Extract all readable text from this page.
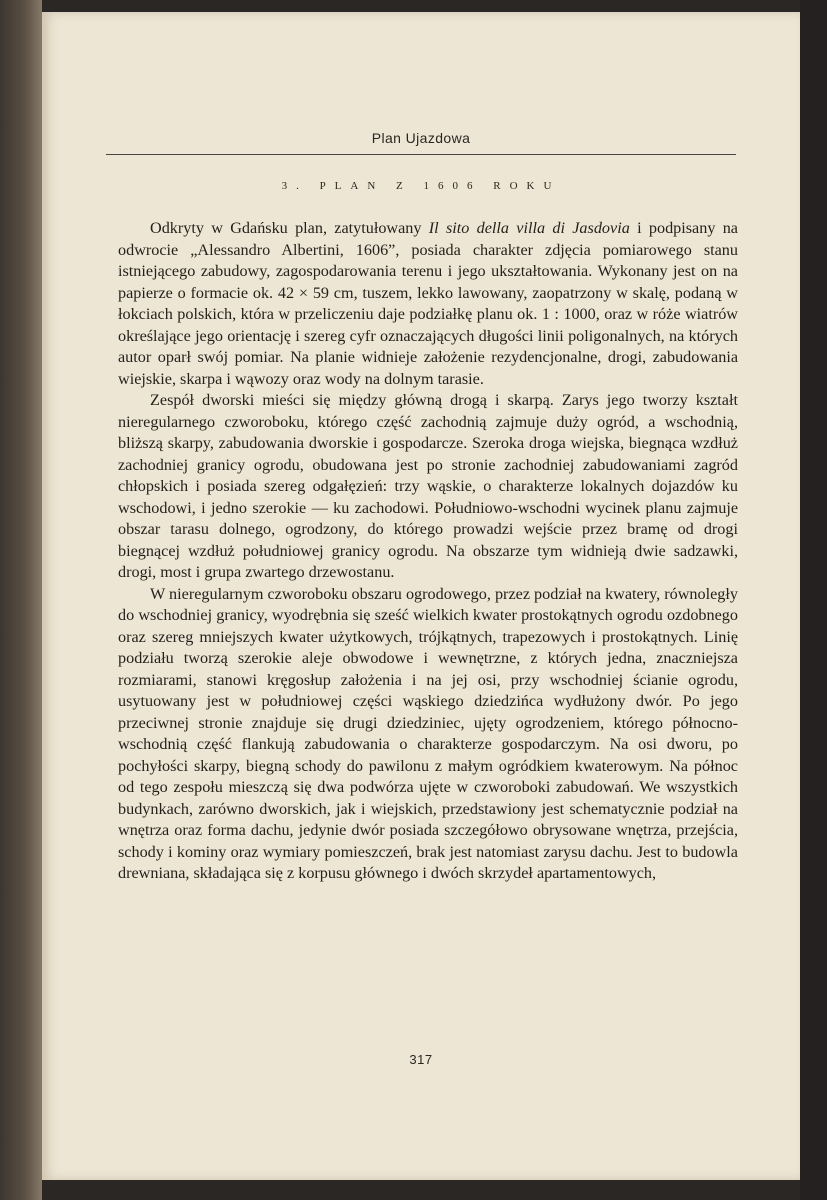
Plan Ujazdowa
3. PLAN Z 1606 ROKU

Odkryty w Gdańsku plan, zatytułowany Il sito della villa di Jasdovia i podpisany na odwrocie „Alessandro Albertini, 1606”, posiada charakter zdjęcia pomiarowego stanu istniejącego zabudowy, zagospodarowania terenu i jego ukształtowania. Wykonany jest on na papierze o formacie ok. 42 × 59 cm, tuszem, lekko lawowany, zaopatrzony w skalę, podaną w łokciach polskich, która w przeliczeniu daje podziałkę planu ok. 1 : 1000, oraz w róże wiatrów określające jego orientację i szereg cyfr oznaczających długości linii poligonalnych, na których autor oparł swój pomiar. Na planie widnieje założenie rezydencjonalne, drogi, zabudowania wiejskie, skarpa i wąwozy oraz wody na dolnym tarasie.

Zespół dworski mieści się między główną drogą i skarpą. Zarys jego tworzy kształt nieregularnego czworoboku, którego część zachodnią zajmuje duży ogród, a wschodnią, bliższą skarpy, zabudowania dworskie i gospodarcze. Szeroka droga wiejska, biegnąca wzdłuż zachodniej granicy ogrodu, obudowana jest po stronie zachodniej zabudowaniami zagród chłopskich i posiada szereg odgałęzień: trzy wąskie, o charakterze lokalnych dojazdów ku wschodowi, i jedno szerokie — ku zachodowi. Południowo-wschodni wycinek planu zajmuje obszar tarasu dolnego, ogrodzony, do którego prowadzi wejście przez bramę od drogi biegnącej wzdłuż południowej granicy ogrodu. Na obszarze tym widnieją dwie sadzawki, drogi, most i grupa zwartego drzewostanu.

W nieregularnym czworoboku obszaru ogrodowego, przez podział na kwatery, równoległy do wschodniej granicy, wyodrębnia się sześć wielkich kwater prostokątnych ogrodu ozdobnego oraz szereg mniejszych kwater użytkowych, trójkątnych, trapezowych i prostokątnych. Linię podziału tworzą szerokie aleje obwodowe i wewnętrzne, z których jedna, znaczniejsza rozmiarami, stanowi kręgosłup założenia i na jej osi, przy wschodniej ścianie ogrodu, usytuowany jest w południowej części wąskiego dziedzińca wydłużony dwór. Po jego przeciwnej stronie znajduje się drugi dziedziniec, ujęty ogrodzeniem, którego północno-wschodnią część flankują zabudowania o charakterze gospodarczym. Na osi dworu, po pochyłości skarpy, biegną schody do pawilonu z małym ogródkiem kwaterowym. Na północ od tego zespołu mieszczą się dwa podwórza ujęte w czworoboki zabudowań. We wszystkich budynkach, zarówno dworskich, jak i wiejskich, przedstawiony jest schematycznie podział na wnętrza oraz forma dachu, jedynie dwór posiada szczegółowo obrysowane wnętrza, przejścia, schody i kominy oraz wymiary pomieszczeń, brak jest natomiast zarysu dachu. Jest to budowla drewniana, składająca się z korpusu głównego i dwóch skrzydeł apartamentowych,

317
